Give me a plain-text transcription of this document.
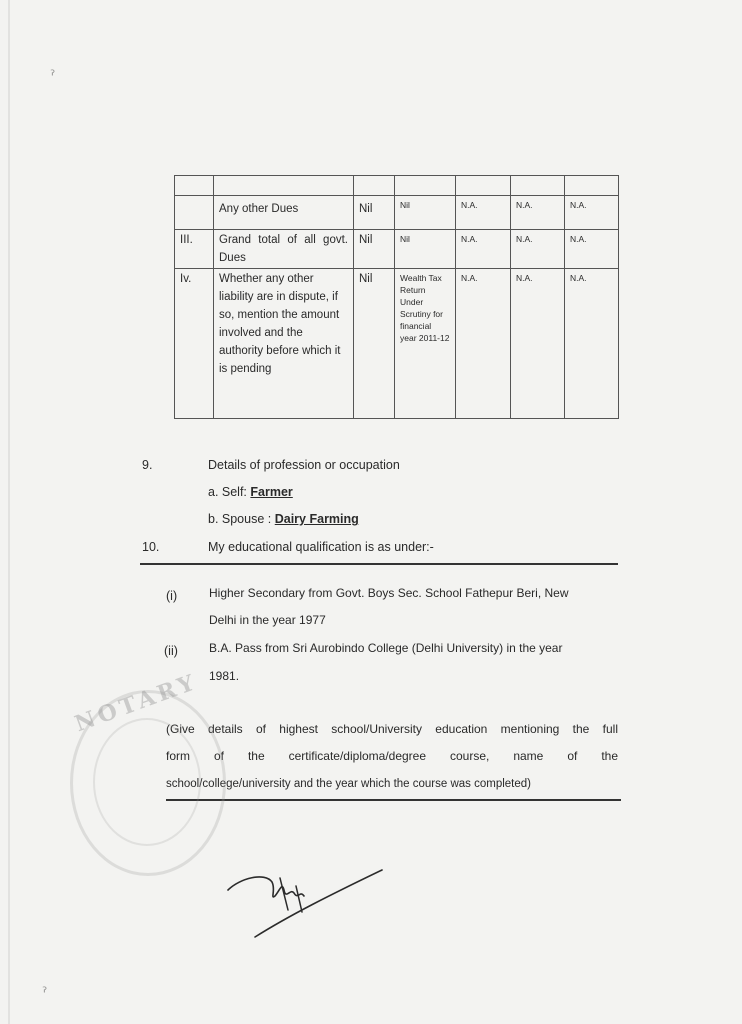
ˀ
ˀ

	Any other Dues	Nil	Nil	N.A.	N.A.	N.A.
III.	Grand total of all govt. Dues	Nil	Nil	N.A.	N.A.	N.A.
Iv.	Whether any other liability are in dispute, if so, mention the amount involved and the authority before which it is pending	Nil	Wealth Tax Return Under Scrutiny for financial year 2011-12	N.A.	N.A.	N.A.
9.	Details of profession or occupation
a. Self: Farmer
b. Spouse : Dairy Farming
10.	My educational qualification is as under:-
(i)	Higher Secondary from Govt. Boys Sec. School Fathepur Beri, New
Delhi in the year 1977
(ii)	B.A. Pass from Sri Aurobindo College (Delhi University) in the year
1981.
(Give details of highest school/University education mentioning the full
form of the certificate/diploma/degree course, name of the
school/college/university and the year which the course was completed)
NOTARY
